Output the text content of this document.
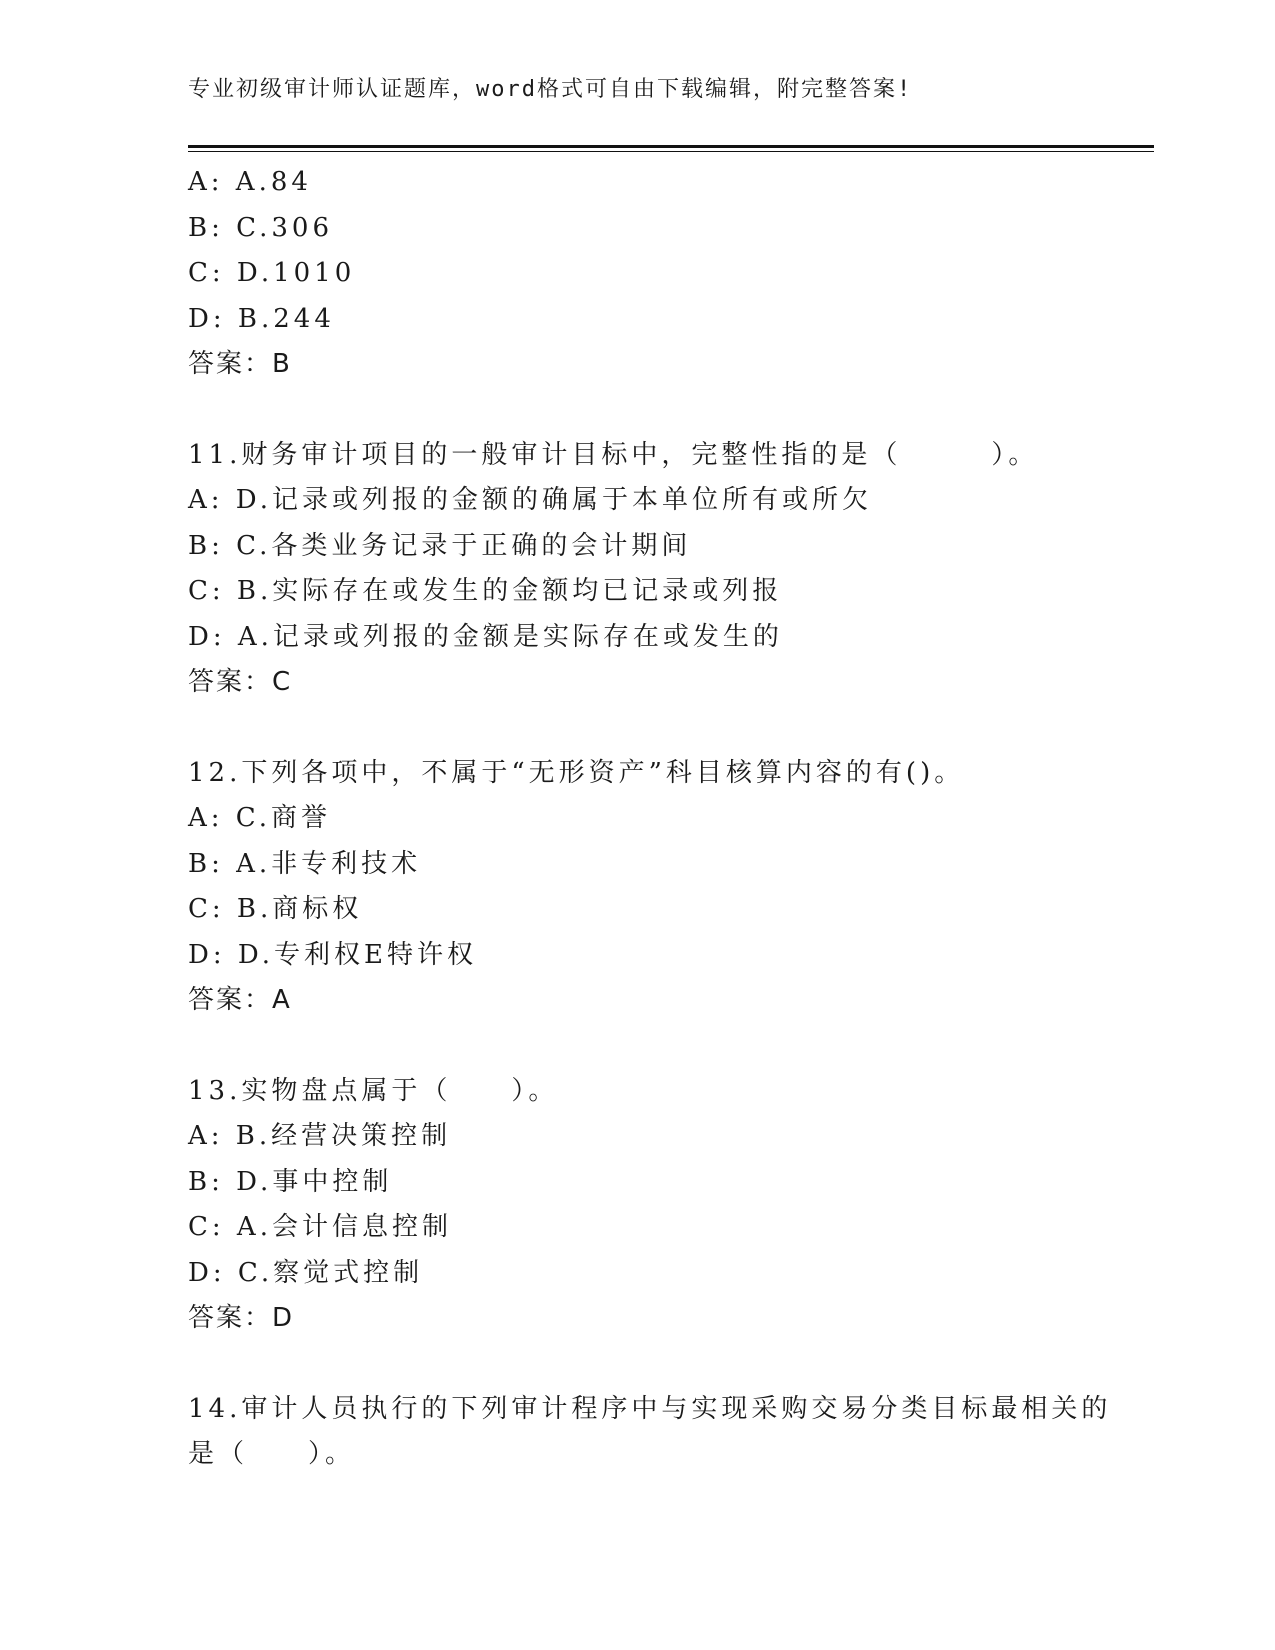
专业初级审计师认证题库，word格式可自由下载编辑，附完整答案!
A: A.84
B: C.306
C: D.1010
D: B.244
答案：B
11.财务审计项目的一般审计目标中，完整性指的是（　　　）。
A: D.记录或列报的金额的确属于本单位所有或所欠
B: C.各类业务记录于正确的会计期间
C: B.实际存在或发生的金额均已记录或列报
D: A.记录或列报的金额是实际存在或发生的
答案：C
12.下列各项中，不属于“无形资产”科目核算内容的有()。
A: C.商誉
B: A.非专利技术
C: B.商标权
D: D.专利权E特许权
答案：A
13.实物盘点属于（　　）。
A: B.经营决策控制
B: D.事中控制
C: A.会计信息控制
D: C.察觉式控制
答案：D
14.审计人员执行的下列审计程序中与实现采购交易分类目标最相关的
是（　　）。
